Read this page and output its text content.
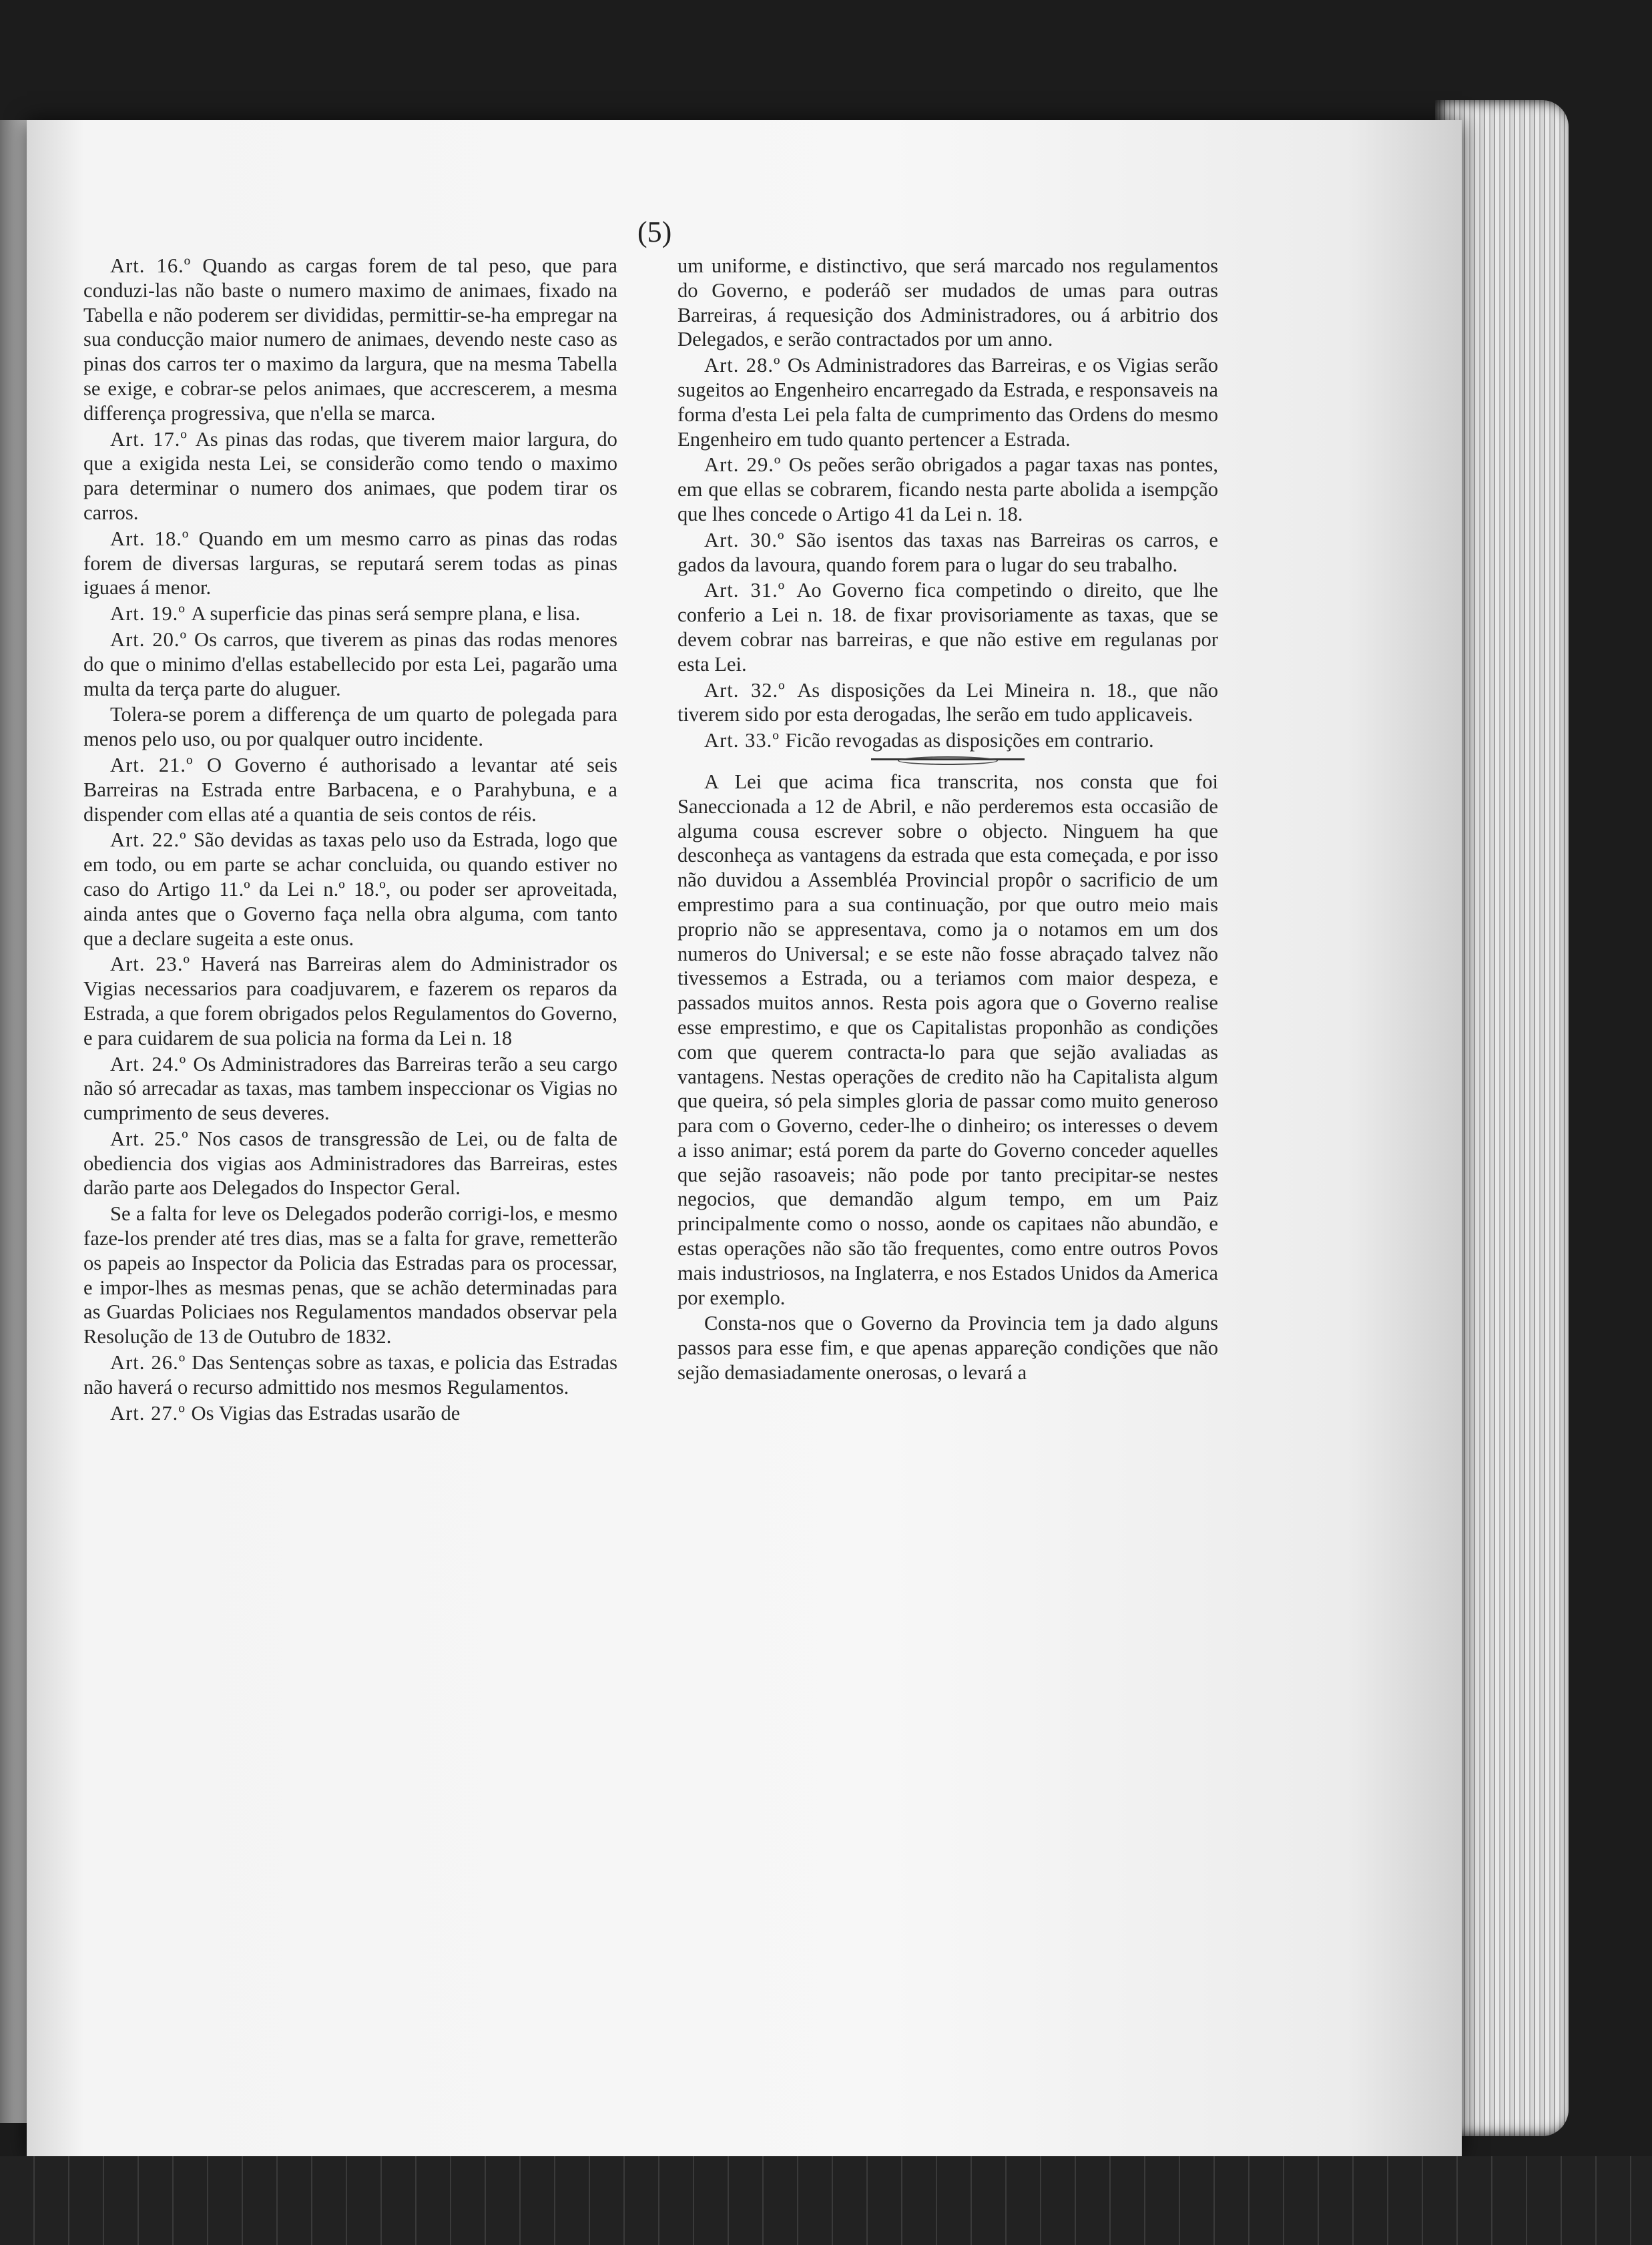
(5)

Art. 16.º Quando as cargas forem de tal peso, que para conduzi-las não baste o numero maximo de animaes, fixado na Tabella e não poderem ser divididas, permittir-se-ha empregar na sua conducção maior numero de animaes, devendo neste caso as pinas dos carros ter o maximo da largura, que na mesma Tabella se exige, e cobrar-se pelos animaes, que accrescerem, a mesma differença progressiva, que n'ella se marca.

Art. 17.º As pinas das rodas, que tiverem maior largura, do que a exigida nesta Lei, se considerão como tendo o maximo para determinar o numero dos animaes, que podem tirar os carros.

Art. 18.º Quando em um mesmo carro as pinas das rodas forem de diversas larguras, se reputará serem todas as pinas iguaes á menor.

Art. 19.º A superficie das pinas será sempre plana, e lisa.

Art. 20.º Os carros, que tiverem as pinas das rodas menores do que o minimo d'ellas estabellecido por esta Lei, pagarão uma multa da terça parte do aluguer.

Tolera-se porem a differença de um quarto de polegada para menos pelo uso, ou por qualquer outro incidente.

Art. 21.º O Governo é authorisado a levantar até seis Barreiras na Estrada entre Barbacena, e o Parahybuna, e a dispender com ellas até a quantia de seis contos de réis.

Art. 22.º São devidas as taxas pelo uso da Estrada, logo que em todo, ou em parte se achar concluida, ou quando estiver no caso do Artigo 11.º da Lei n.º 18.º, ou poder ser aproveitada, ainda antes que o Governo faça nella obra alguma, com tanto que a declare sugeita a este onus.

Art. 23.º Haverá nas Barreiras alem do Administrador os Vigias necessarios para coadjuvarem, e fazerem os reparos da Estrada, a que forem obrigados pelos Regulamentos do Governo, e para cuidarem de sua policia na forma da Lei n. 18

Art. 24.º Os Administradores das Barreiras terão a seu cargo não só arrecadar as taxas, mas tambem inspeccionar os Vigias no cumprimento de seus deveres.

Art. 25.º Nos casos de transgressão de Lei, ou de falta de obediencia dos vigias aos Administradores das Barreiras, estes darão parte aos Delegados do Inspector Geral.

Se a falta for leve os Delegados poderão corrigi-los, e mesmo faze-los prender até tres dias, mas se a falta for grave, remetterão os papeis ao Inspector da Policia das Estradas para os processar, e impor-lhes as mesmas penas, que se achão determinadas para as Guardas Policiaes nos Regulamentos mandados observar pela Resolução de 13 de Outubro de 1832.

Art. 26.º Das Sentenças sobre as taxas, e policia das Estradas não haverá o recurso admittido nos mesmos Regulamentos.

Art. 27.º Os Vigias das Estradas usarão de

um uniforme, e distinctivo, que será marcado nos regulamentos do Governo, e poderáõ ser mudados de umas para outras Barreiras, á requesição dos Administradores, ou á arbitrio dos Delegados, e serão contractados por um anno.

Art. 28.º Os Administradores das Barreiras, e os Vigias serão sugeitos ao Engenheiro encarregado da Estrada, e responsaveis na forma d'esta Lei pela falta de cumprimento das Ordens do mesmo Engenheiro em tudo quanto pertencer a Estrada.

Art. 29.º Os peões serão obrigados a pagar taxas nas pontes, em que ellas se cobrarem, ficando nesta parte abolida a isempção que lhes concede o Artigo 41 da Lei n. 18.

Art. 30.º São isentos das taxas nas Barreiras os carros, e gados da lavoura, quando forem para o lugar do seu trabalho.

Art. 31.º Ao Governo fica competindo o direito, que lhe conferio a Lei n. 18. de fixar provisoriamente as taxas, que se devem cobrar nas barreiras, e que não estive em regulanas por esta Lei.

Art. 32.º As disposições da Lei Mineira n. 18., que não tiverem sido por esta derogadas, lhe serão em tudo applicaveis.

Art. 33.º Ficão revogadas as disposições em contrario.

A Lei que acima fica transcrita, nos consta que foi Saneccionada a 12 de Abril, e não perderemos esta occasião de alguma cousa escrever sobre o objecto. Ninguem ha que desconheça as vantagens da estrada que esta começada, e por isso não duvidou a Assembléa Provincial propôr o sacrificio de um emprestimo para a sua continuação, por que outro meio mais proprio não se appresentava, como ja o notamos em um dos numeros do Universal; e se este não fosse abraçado talvez não tivessemos a Estrada, ou a teriamos com maior despeza, e passados muitos annos. Resta pois agora que o Governo realise esse emprestimo, e que os Capitalistas proponhão as condições com que querem contracta-lo para que sejão avaliadas as vantagens. Nestas operações de credito não ha Capitalista algum que queira, só pela simples gloria de passar como muito generoso para com o Governo, ceder-lhe o dinheiro; os interesses o devem a isso animar; está porem da parte do Governo conceder aquelles que sejão rasoaveis; não pode por tanto precipitar-se nestes negocios, que demandão algum tempo, em um Paiz principalmente como o nosso, aonde os capitaes não abundão, e estas operações não são tão frequentes, como entre outros Povos mais industriosos, na Inglaterra, e nos Estados Unidos da America por exemplo.

Consta-nos que o Governo da Provincia tem ja dado alguns passos para esse fim, e que apenas appareção condições que não sejão demasiadamente onerosas, o levará a
